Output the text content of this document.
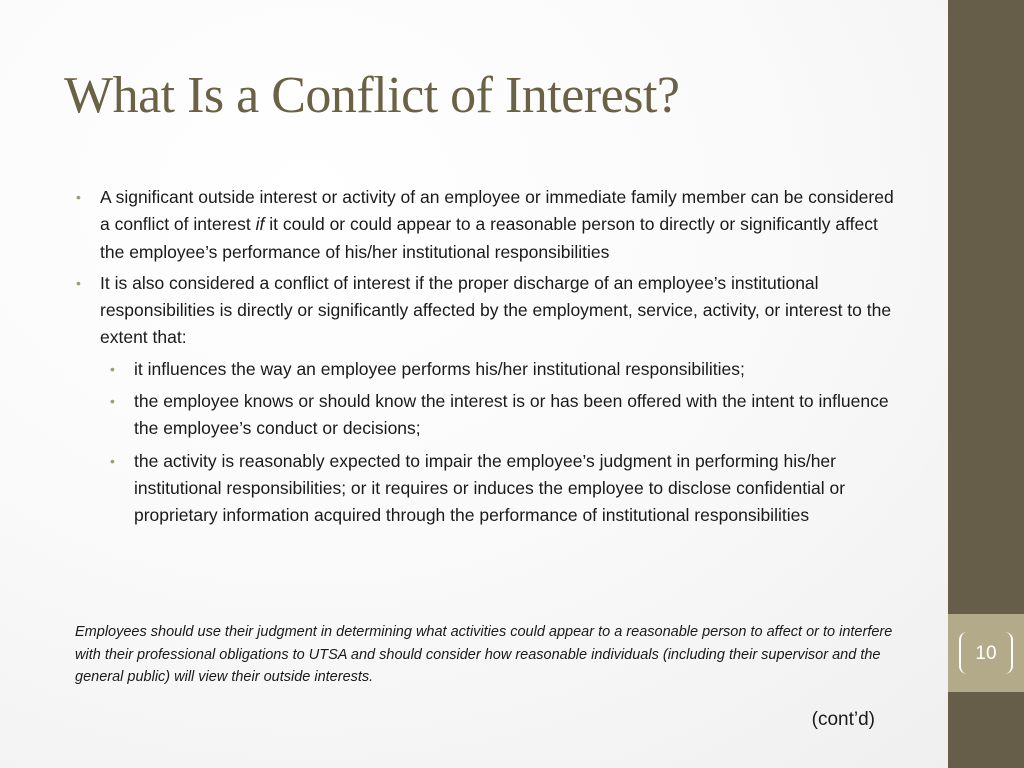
10
What Is a Conflict of Interest?
• A significant outside interest or activity of an employee or immediate family member can be considered a conflict of interest if it could or could appear to a reasonable person to directly or significantly affect the employee’s performance of his/her institutional responsibilities
• It is also considered a conflict of interest if the proper discharge of an employee’s institutional responsibilities is directly or significantly affected by the employment, service, activity, or interest to the extent that:
• it influences the way an employee performs his/her institutional responsibilities;
• the employee knows or should know the interest is or has been offered with the intent to influence the employee’s conduct or decisions;
• the activity is reasonably expected to impair the employee’s judgment in performing his/her institutional responsibilities; or it requires or induces the employee to disclose confidential or proprietary information acquired through the performance of institutional responsibilities
Employees should use their judgment in determining what activities could appear to a reasonable person to affect or to interfere with their professional obligations to UTSA and should consider how reasonable individuals (including their supervisor and the general public) will view their outside interests.
(cont’d)
